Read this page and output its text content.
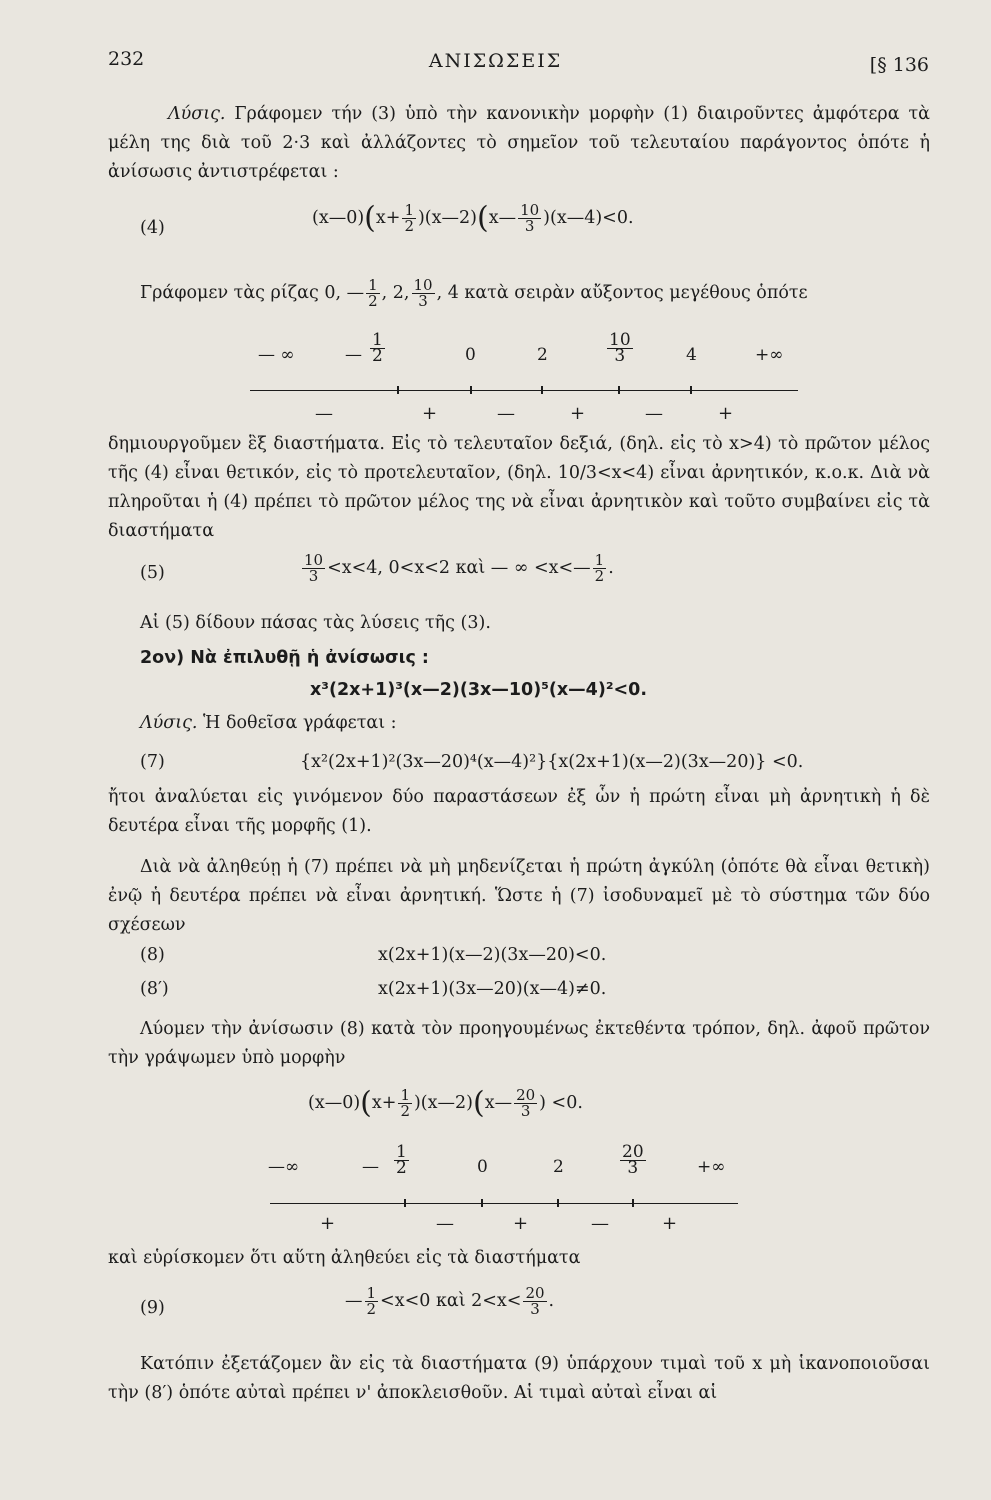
232	ΑΝΙΣΩΣΕΙΣ	[§ 136
Λύσις. Γράφομεν τήν (3) ὑπὸ τὴν κανονικὴν μορφὴν (1) διαιροῦντες ἀμφότερα τὰ μέλη της διὰ τοῦ 2·3 καὶ ἀλλάζοντες τὸ σημεῖον τοῦ τελευταίου παράγοντος ὁπότε ἡ ἀνίσωσις ἀντιστρέφεται :
(4)	(x—0)(x+ $\frac{1}{2}$ )(x—2)(x— $\frac{10}{3}$ )(x—4)<0.
Γράφομεν τὰς ρίζας 0, — $\frac{1}{2}$ , 2, $\frac{10}{3}$ , 4 κατὰ σειρὰν αὔξοντος μεγέθους ὁπότε
— ∞	— $\frac{1}{2}$	0	2	$\frac{10}{3}$	4	+∞
—	+	—	+	—	+
δημιουργοῦμεν ἓξ διαστήματα. Εἰς τὸ τελευταῖον δεξιά, (δηλ. εἰς τὸ x>4) τὸ πρῶτον μέλος τῆς (4) εἶναι θετικόν, εἰς τὸ προτελευταῖον, (δηλ. 10/3<x<4) εἶναι ἀρνητικόν, κ.ο.κ. Διὰ νὰ πληροῦται ἡ (4) πρέπει τὸ πρῶτον μέλος της νὰ εἶναι ἀρνητικὸν καὶ τοῦτο συμβαίνει εἰς τὰ διαστήματα
(5)	$\frac{10}{3} <x<4$, 0<x<2 καὶ — ∞ <x<— $\frac{1}{2}$ .
Αἱ (5) δίδουν πάσας τὰς λύσεις τῆς (3).
2ον) Νὰ ἐπιλυθῇ ἡ ἀνίσωσις :
x³(2x+1)³(x—2)(3x—10)⁵(x—4)²<0.
Λύσις. Ἡ δοθεῖσα γράφεται :
(7)	{x²(2x+1)²(3x—20)⁴(x—4)²}{x(2x+1)(x—2)(3x—20)} <0.
ἤτοι ἀναλύεται εἰς γινόμενον δύο παραστάσεων ἐξ ὧν ἡ πρώτη εἶναι μὴ ἀρνητικὴ ἡ δὲ δευτέρα εἶναι τῆς μορφῆς (1).
Διὰ νὰ ἀληθεύῃ ἡ (7) πρέπει νὰ μὴ μηδενίζεται ἡ πρώτη ἀγκύλη (ὁπότε θὰ εἶναι θετικὴ) ἐνῷ ἡ δευτέρα πρέπει νὰ εἶναι ἀρνητική. Ὥστε ἡ (7) ἰσοδυναμεῖ μὲ τὸ σύστημα τῶν δύο σχέσεων
(8)	x(2x+1)(x—2)(3x—20)<0.
(8′)	x(2x+1)(3x—20)(x—4)≠0.
Λύομεν τὴν ἀνίσωσιν (8) κατὰ τὸν προηγουμένως ἐκτεθέντα τρόπον, δηλ. ἀφοῦ πρῶτον τὴν γράψωμεν ὑπὸ μορφὴν
(x—0)(x+ $\frac{1}{2}$ )(x—2)(x— $\frac{20}{3}$ ) <0.
—∞	— $\frac{1}{2}$	0	2	$\frac{20}{3}$	+∞
+	—	+	—	+
καὶ εὑρίσκομεν ὅτι αὕτη ἀληθεύει εἰς τὰ διαστήματα
(9)	— $\frac{1}{2} <x<0$ καὶ $2<x< \frac{20}{3}$ .
Κατόπιν ἐξετάζομεν ἂν εἰς τὰ διαστήματα (9) ὑπάρχουν τιμαὶ τοῦ x μὴ ἱκανοποιοῦσαι τὴν (8′) ὁπότε αὐταὶ πρέπει ν' ἀποκλεισθοῦν. Αἱ τιμαὶ αὐταὶ εἶναι αἱ
